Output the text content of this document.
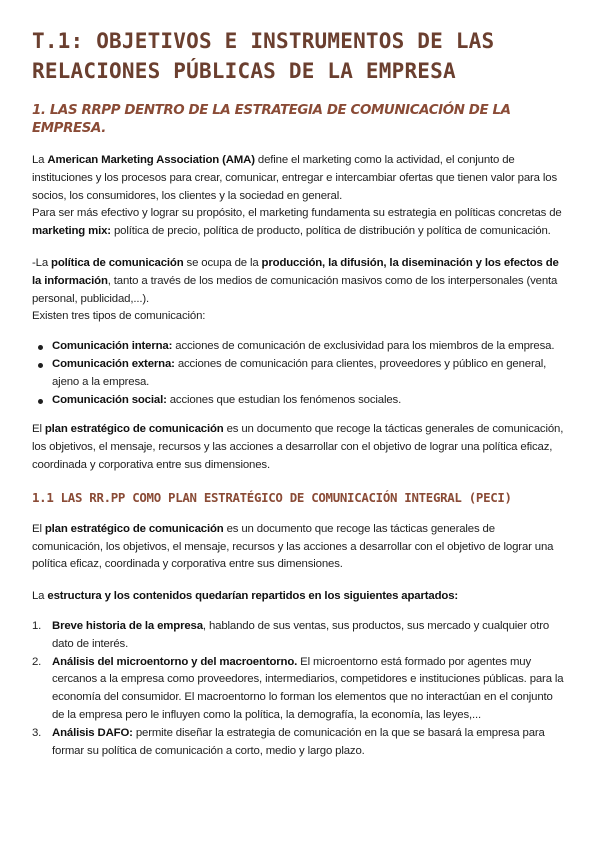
T.1: OBJETIVOS E INSTRUMENTOS DE LAS RELACIONES PÚBLICAS DE LA EMPRESA
1. LAS RRPP DENTRO DE LA ESTRATEGIA DE COMUNICACIÓN DE LA EMPRESA.

La American Marketing Association (AMA) define el marketing como la actividad, el conjunto de instituciones y los procesos para crear, comunicar, entregar e intercambiar ofertas que tienen valor para los socios, los consumidores, los clientes y la sociedad en general.

Para ser más efectivo y lograr su propósito, el marketing fundamenta su estrategia en políticas concretas de marketing mix: política de precio, política de producto, política de distribución y política de comunicación.

-La política de comunicación se ocupa de la producción, la difusión, la diseminación y los efectos de la información, tanto a través de los medios de comunicación masivos como de los interpersonales (venta personal, publicidad,...).

Existen tres tipos de comunicación:

Comunicación interna: acciones de comunicación de exclusividad para los miembros de la empresa.
Comunicación externa: acciones de comunicación para clientes, proveedores y público en general, ajeno a la empresa.
Comunicación social: acciones que estudian los fenómenos sociales.

El plan estratégico de comunicación es un documento que recoge la tácticas generales de comunicación, los objetivos, el mensaje, recursos y las acciones a desarrollar con el objetivo de lograr una política eficaz, coordinada y corporativa entre sus dimensiones.

1.1 LAS RR.PP COMO PLAN ESTRATÉGICO DE COMUNICACIÓN INTEGRAL (PECI)

El plan estratégico de comunicación es un documento que recoge las tácticas generales de comunicación, los objetivos, el mensaje, recursos y las acciones a desarrollar con el objetivo de lograr una política eficaz, coordinada y corporativa entre sus dimensiones.

La estructura y los contenidos quedarían repartidos en los siguientes apartados:

1. Breve historia de la empresa, hablando de sus ventas, sus productos, sus mercado y cualquier otro dato de interés.
2. Análisis del microentorno y del macroentorno. El microentorno está formado por agentes muy cercanos a la empresa como proveedores, intermediarios, competidores e instituciones públicas. para la economía del consumidor. El macroentorno lo forman los elementos que no interactúan en el conjunto de la empresa pero le influyen como la política, la demografía, la economía, las leyes,...
3. Análisis DAFO: permite diseñar la estrategia de comunicación en la que se basará la empresa para formar su política de comunicación a corto, medio y largo plazo.
